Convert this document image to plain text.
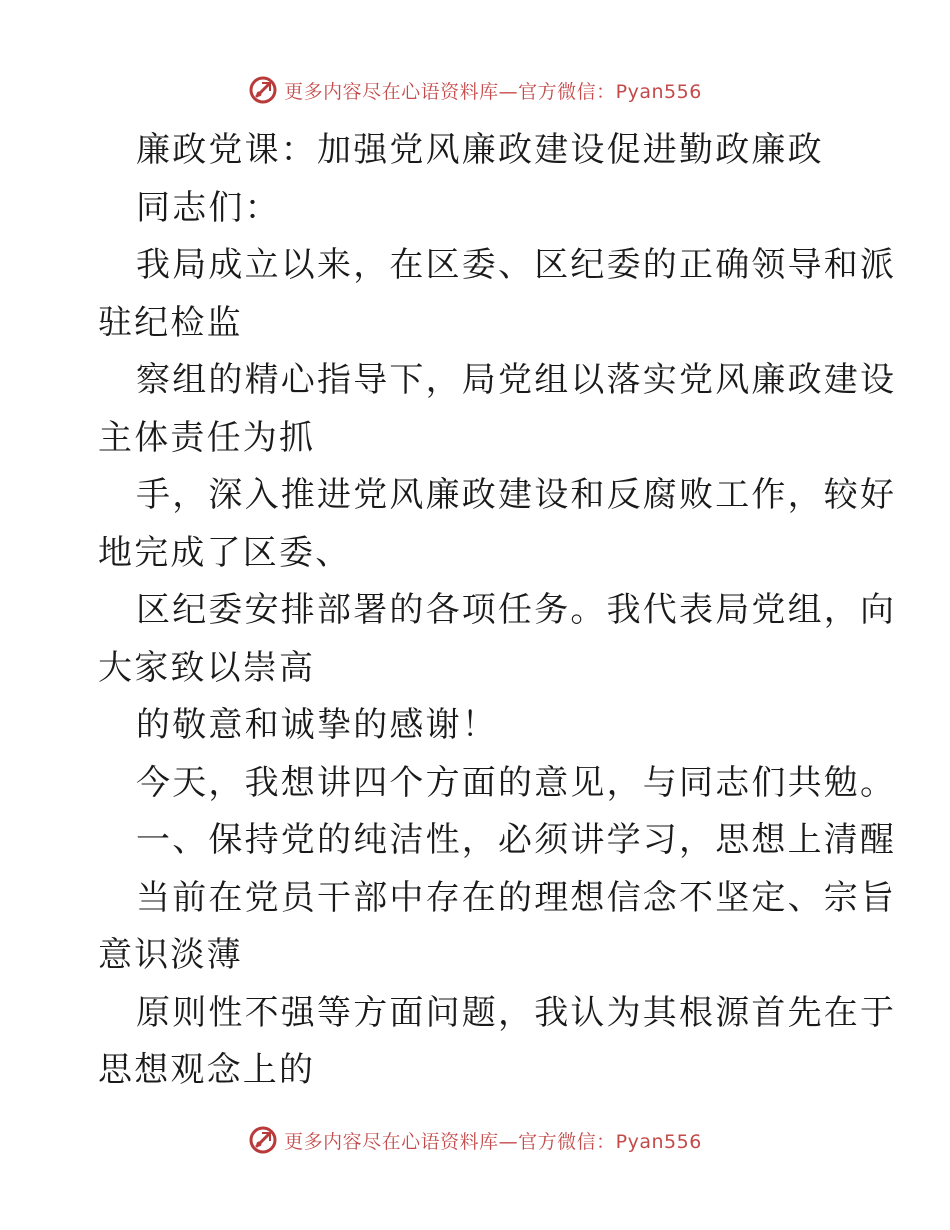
更多内容尽在心语资料库—官方微信：Pyan556
廉政党课：加强党风廉政建设促进勤政廉政
同志们：
我局成立以来，在区委、区纪委的正确领导和派
驻纪检监
察组的精心指导下，局党组以落实党风廉政建设
主体责任为抓
手，深入推进党风廉政建设和反腐败工作，较好
地完成了区委、
区纪委安排部署的各项任务。我代表局党组，向
大家致以崇高
的敬意和诚挚的感谢！
今天，我想讲四个方面的意见，与同志们共勉。
一、保持党的纯洁性，必须讲学习，思想上清醒
当前在党员干部中存在的理想信念不坚定、宗旨
意识淡薄
原则性不强等方面问题，我认为其根源首先在于
思想观念上的
更多内容尽在心语资料库—官方微信：Pyan556
